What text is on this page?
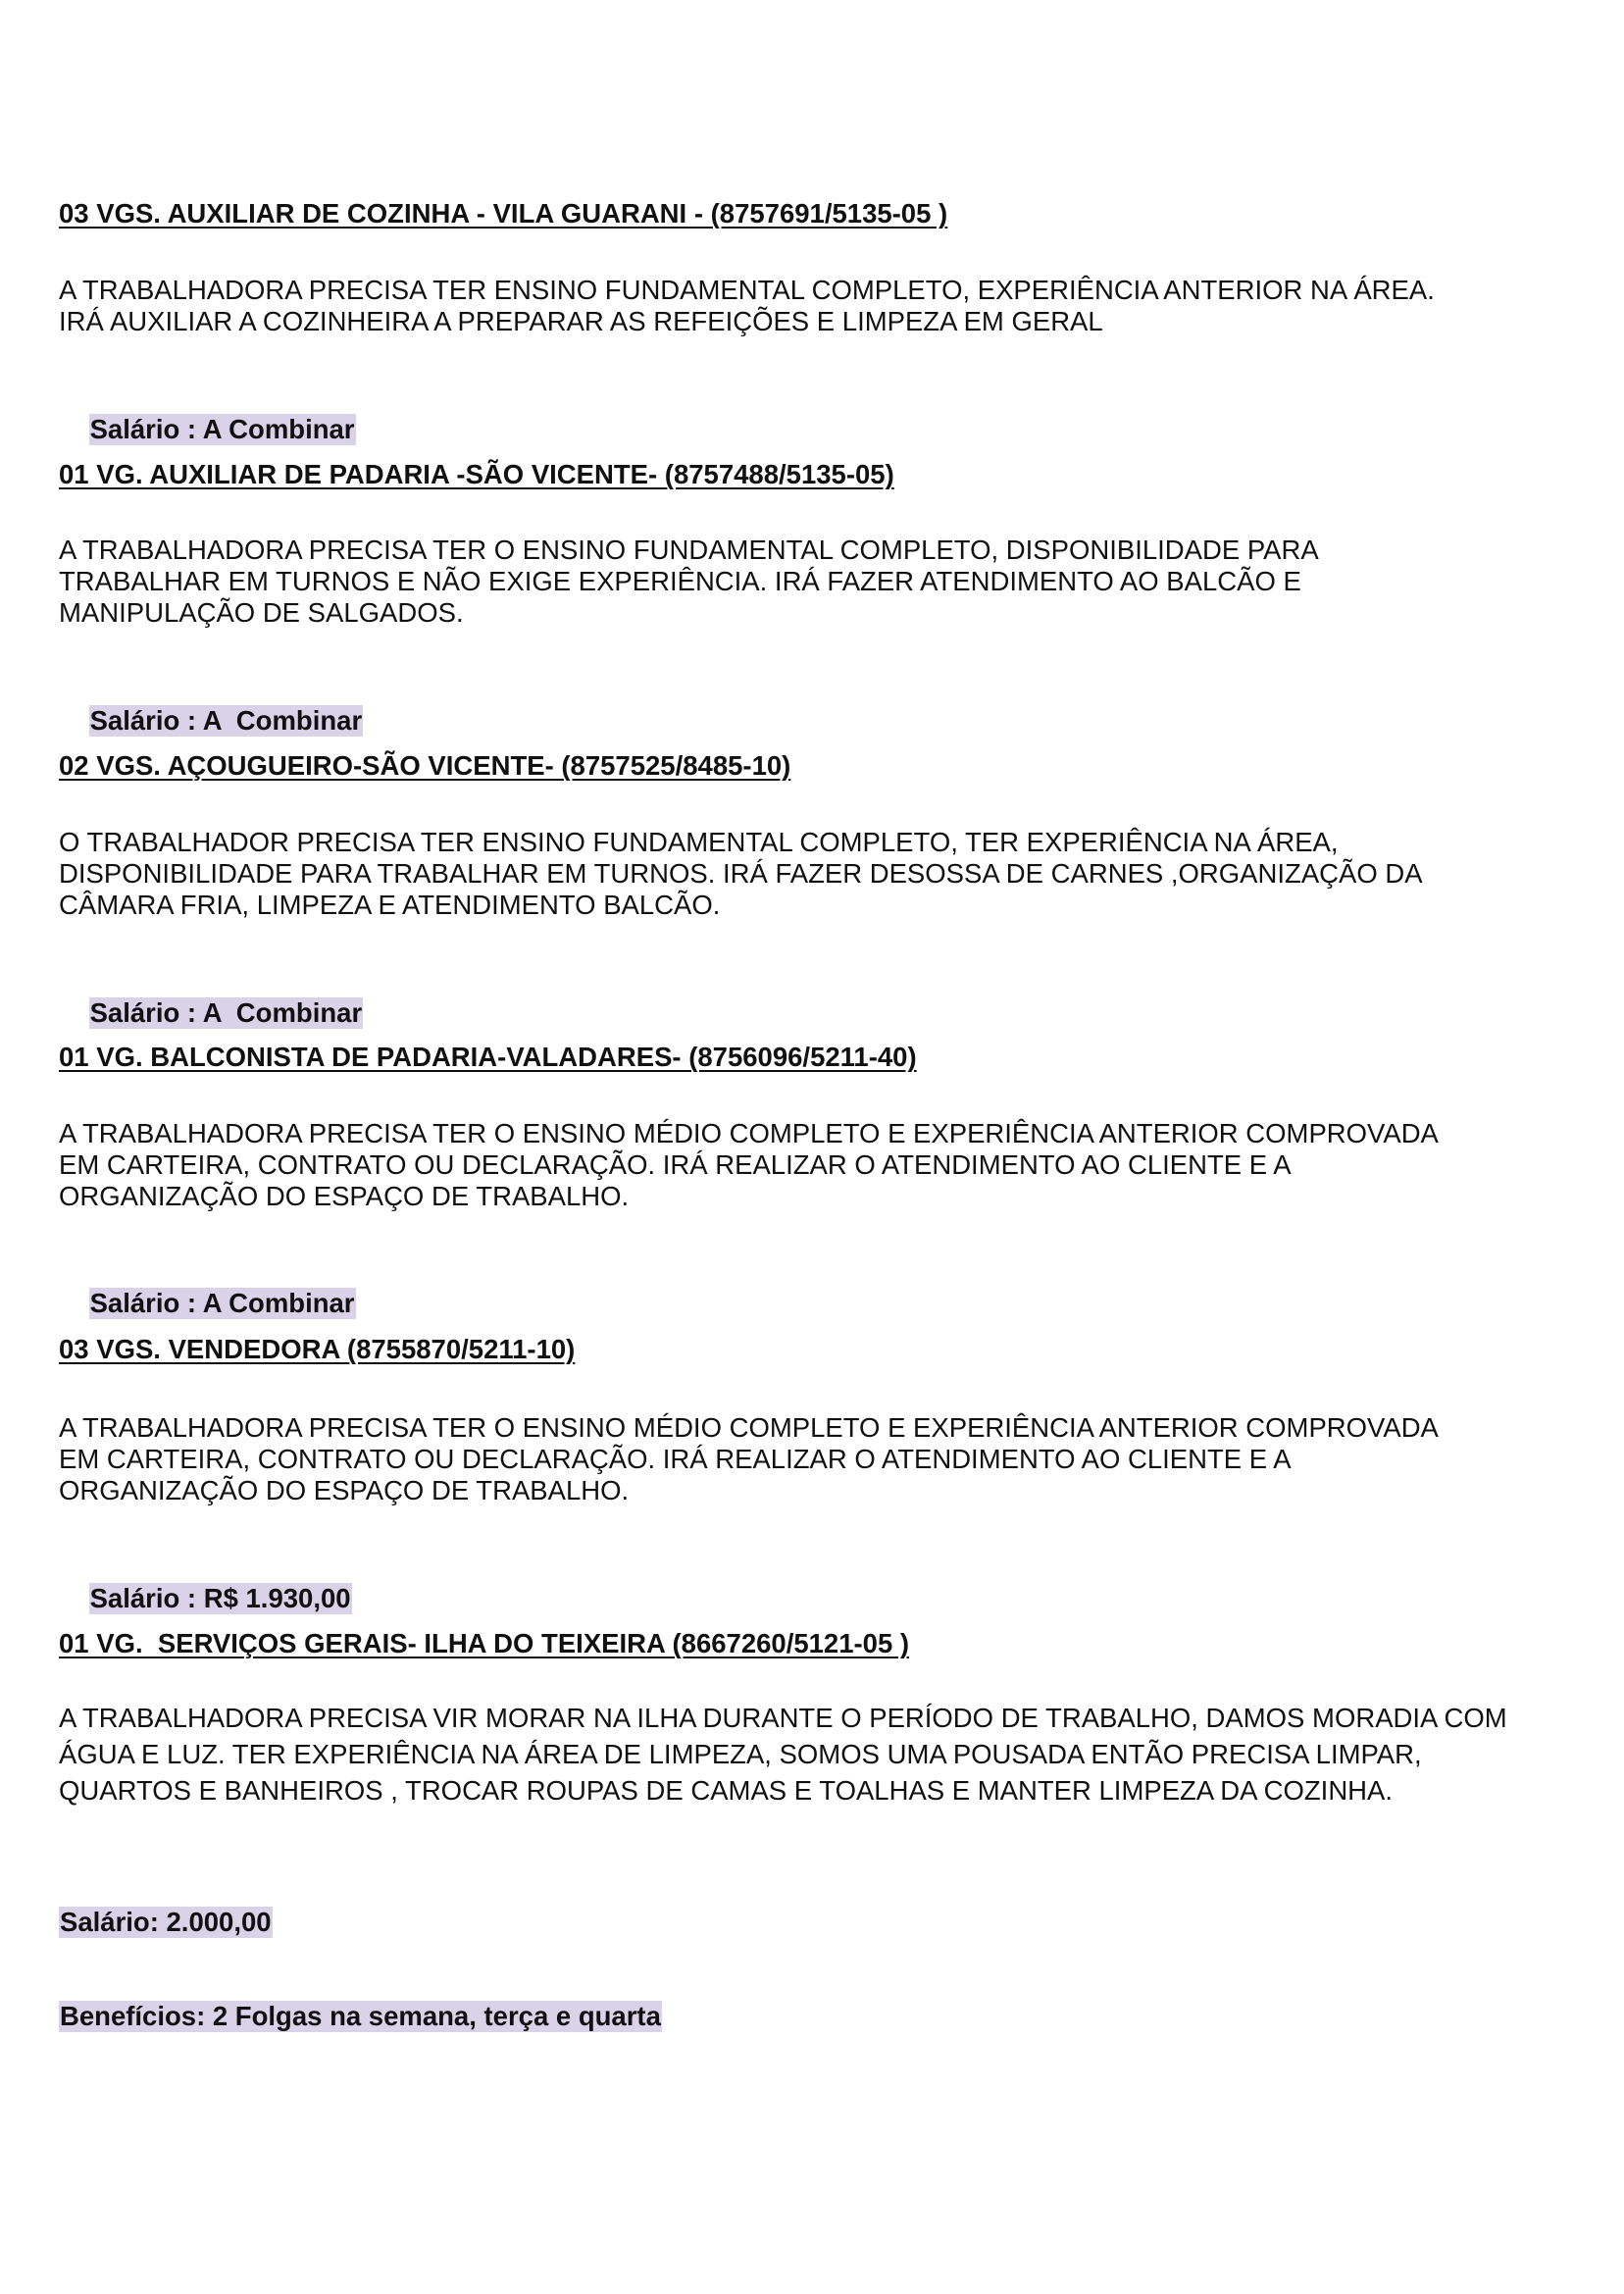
03 VGS. AUXILIAR DE COZINHA - VILA GUARANI - (8757691/5135-05 )
A TRABALHADORA PRECISA TER ENSINO FUNDAMENTAL COMPLETO, EXPERIÊNCIA ANTERIOR NA ÁREA.
IRÁ AUXILIAR A COZINHEIRA A PREPARAR AS REFEIÇÕES E LIMPEZA EM GERAL

Salário : A Combinar

01 VG. AUXILIAR DE PADARIA -SÃO VICENTE- (8757488/5135-05)
A TRABALHADORA PRECISA TER O ENSINO FUNDAMENTAL COMPLETO, DISPONIBILIDADE PARA
TRABALHAR EM TURNOS E NÃO EXIGE EXPERIÊNCIA. IRÁ FAZER ATENDIMENTO AO BALCÃO E
MANIPULAÇÃO DE SALGADOS.

Salário : A  Combinar

02 VGS. AÇOUGUEIRO-SÃO VICENTE- (8757525/8485-10)
O TRABALHADOR PRECISA TER ENSINO FUNDAMENTAL COMPLETO, TER EXPERIÊNCIA NA ÁREA,
DISPONIBILIDADE PARA TRABALHAR EM TURNOS. IRÁ FAZER DESOSSA DE CARNES ,ORGANIZAÇÃO DA
CÂMARA FRIA, LIMPEZA E ATENDIMENTO BALCÃO.

Salário : A  Combinar

01 VG. BALCONISTA DE PADARIA-VALADARES- (8756096/5211-40)
A TRABALHADORA PRECISA TER O ENSINO MÉDIO COMPLETO E EXPERIÊNCIA ANTERIOR COMPROVADA
EM CARTEIRA, CONTRATO OU DECLARAÇÃO. IRÁ REALIZAR O ATENDIMENTO AO CLIENTE E A
ORGANIZAÇÃO DO ESPAÇO DE TRABALHO.

Salário : A Combinar

03 VGS. VENDEDORA (8755870/5211-10)
A TRABALHADORA PRECISA TER O ENSINO MÉDIO COMPLETO E EXPERIÊNCIA ANTERIOR COMPROVADA
EM CARTEIRA, CONTRATO OU DECLARAÇÃO. IRÁ REALIZAR O ATENDIMENTO AO CLIENTE E A
ORGANIZAÇÃO DO ESPAÇO DE TRABALHO.

Salário : R$ 1.930,00

01 VG.  SERVIÇOS GERAIS- ILHA DO TEIXEIRA (8667260/5121-05 )
A TRABALHADORA PRECISA VIR MORAR NA ILHA DURANTE O PERÍODO DE TRABALHO, DAMOS MORADIA COM
ÁGUA E LUZ. TER EXPERIÊNCIA NA ÁREA DE LIMPEZA, SOMOS UMA POUSADA ENTÃO PRECISA LIMPAR,
QUARTOS E BANHEIROS , TROCAR ROUPAS DE CAMAS E TOALHAS E MANTER LIMPEZA DA COZINHA.

Salário: 2.000,00

Benefícios: 2 Folgas na semana, terça e quarta
